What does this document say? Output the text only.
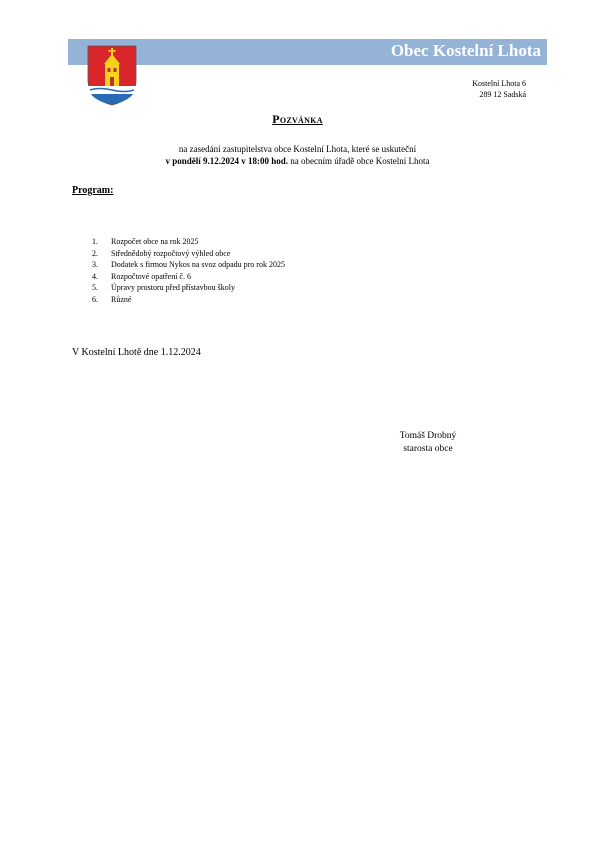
Obec Kostelní Lhota
Kostelní Lhota 6
289 12 Sadská
Pozvánka
na zasedání zastupitelstva obce Kostelní Lhota, které se uskuteční
v pondělí 9.12.2024 v 18:00 hod. na obecním úřadě obce Kostelní Lhota
Program:
1.	Rozpočet obce na rok 2025
2.	Střednědobý rozpočtový výhled obce
3.	Dodatek s firmou Nykos na svoz odpadu pro rok 2025
4.	Rozpočtové opatření č. 6
5.	Úpravy prostoru před přístavbou školy
6.	Různé
V Kostelní Lhotě dne 1.12.2024
Tomáš Drobný
starosta obce
